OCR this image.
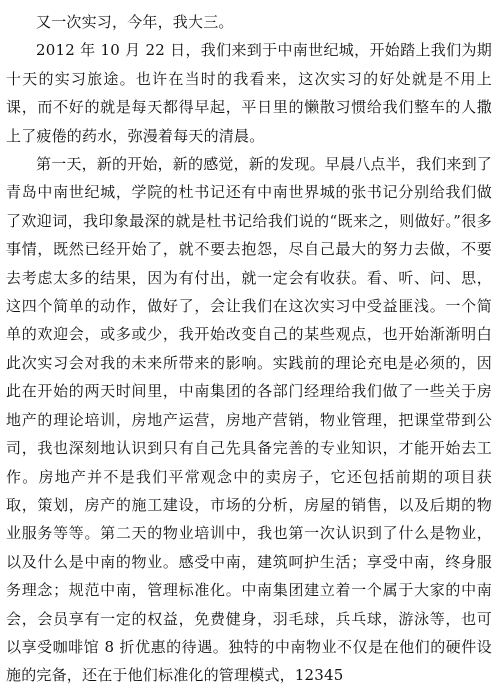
又一次实习，今年，我大三。

2012 年 10 月 22 日，我们来到于中南世纪城，开始踏上我们为期十天的实习旅途。也许在当时的我看来，这次实习的好处就是不用上课，而不好的就是每天都得早起，平日里的懒散习惯给我们整车的人撒上了疲倦的药水，弥漫着每天的清晨。

第一天，新的开始，新的感觉，新的发现。早晨八点半，我们来到了青岛中南世纪城，学院的杜书记还有中南世界城的张书记分别给我们做了欢迎词，我印象最深的就是杜书记给我们说的“既来之，则做好。”很多事情，既然已经开始了，就不要去抱怨，尽自己最大的努力去做，不要去考虑太多的结果，因为有付出，就一定会有收获。看、听、问、思，这四个简单的动作，做好了，会让我们在这次实习中受益匪浅。一个简单的欢迎会，或多或少，我开始改变自己的某些观点，也开始渐渐明白此次实习会对我的未来所带来的影响。实践前的理论充电是必须的，因此在开始的两天时间里，中南集团的各部门经理给我们做了一些关于房地产的理论培训，房地产运营，房地产营销，物业管理，把课堂带到公司，我也深刻地认识到只有自己先具备完善的专业知识，才能开始去工作。房地产并不是我们平常观念中的卖房子，它还包括前期的项目获取，策划，房产的施工建设，市场的分析，房屋的销售，以及后期的物业服务等等。第二天的物业培训中，我也第一次认识到了什么是物业，以及什么是中南的物业。感受中南，建筑呵护生活；享受中南，终身服务理念；规范中南，管理标准化。中南集团建立着一个属于大家的中南会，会员享有一定的权益，免费健身，羽毛球，兵乓球，游泳等，也可以享受咖啡馆 8 折优惠的待遇。独特的中南物业不仅是在他们的硬件设施的完备，还在于他们标准化的管理模式，12345
